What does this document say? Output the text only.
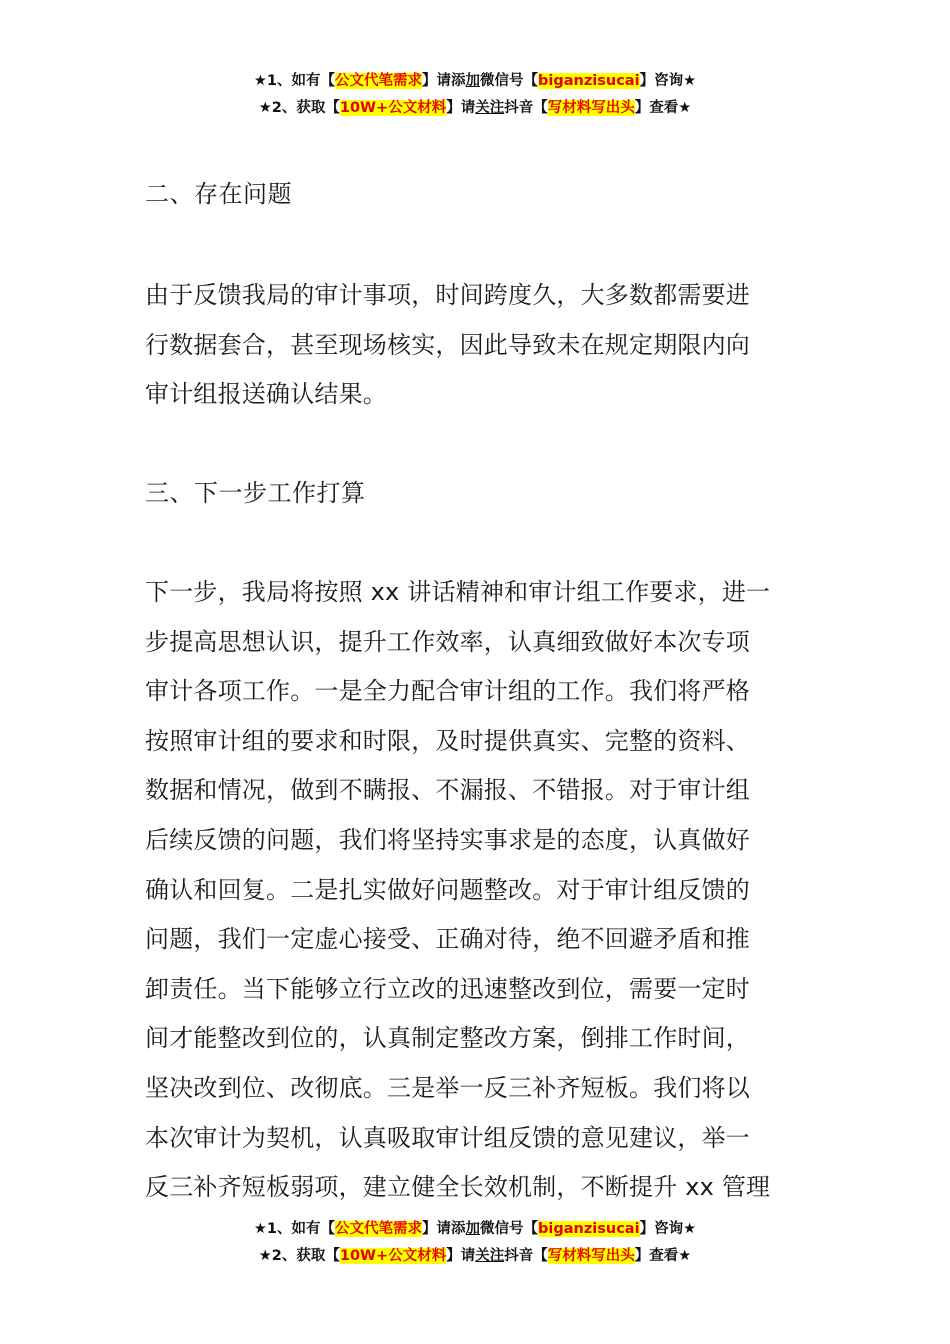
★1、如有【公文代笔需求】请添加微信号【biganzisucai】咨询★
★2、获取【10W+公文材料】请关注抖音【写材料写出头】查看★
二、存在问题
由于反馈我局的审计事项，时间跨度久，大多数都需要进
行数据套合，甚至现场核实，因此导致未在规定期限内向
审计组报送确认结果。
三、下一步工作打算
下一步，我局将按照 xx 讲话精神和审计组工作要求，进一
步提高思想认识，提升工作效率，认真细致做好本次专项
审计各项工作。一是全力配合审计组的工作。我们将严格
按照审计组的要求和时限，及时提供真实、完整的资料、
数据和情况，做到不瞒报、不漏报、不错报。对于审计组
后续反馈的问题，我们将坚持实事求是的态度，认真做好
确认和回复。二是扎实做好问题整改。对于审计组反馈的
问题，我们一定虚心接受、正确对待，绝不回避矛盾和推
卸责任。当下能够立行立改的迅速整改到位，需要一定时
间才能整改到位的，认真制定整改方案，倒排工作时间，
坚决改到位、改彻底。三是举一反三补齐短板。我们将以
本次审计为契机，认真吸取审计组反馈的意见建议，举一
反三补齐短板弱项，建立健全长效机制，不断提升 xx 管理
★1、如有【公文代笔需求】请添加微信号【biganzisucai】咨询★
★2、获取【10W+公文材料】请关注抖音【写材料写出头】查看★
